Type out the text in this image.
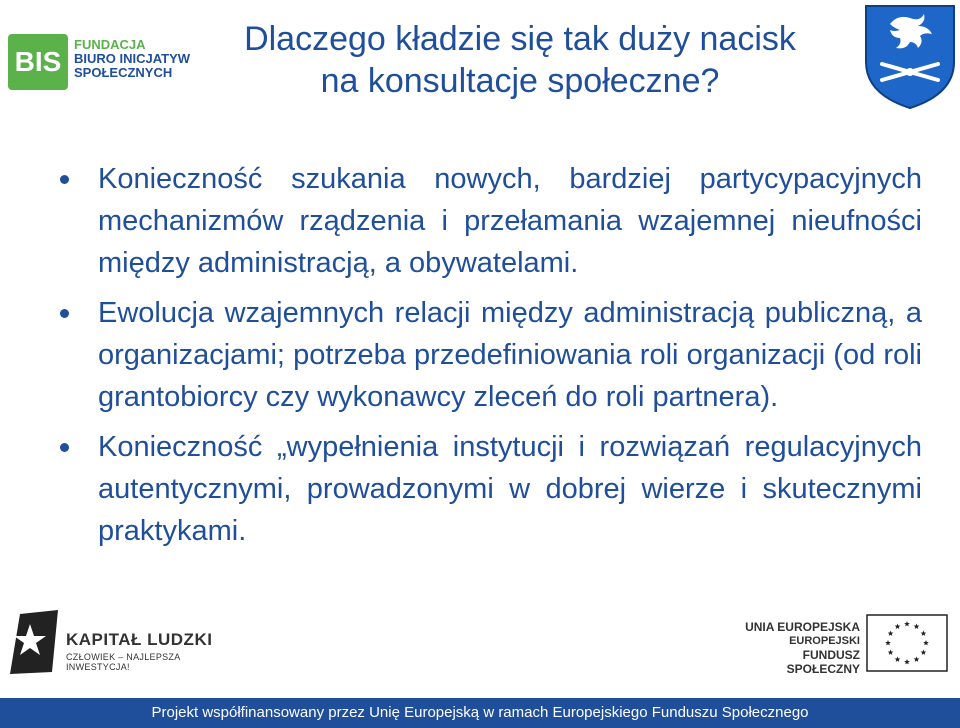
BIS
FUNDACJA
BIURO INICJATYW
SPOŁECZNYCH
Dlaczego kładzie się tak duży nacisk
na konsultacje społeczne?
Konieczność szukania nowych, bardziej partycypacyjnych mechanizmów rządzenia i przełamania wzajemnej nieufności między administracją, a obywatelami.
Ewolucja wzajemnych relacji między administracją publiczną, a organizacjami; potrzeba przedefiniowania roli organizacji (od roli grantobiorcy czy wykonawcy zleceń do roli partnera).
Konieczność „wypełnienia instytucji i rozwiązań regulacyjnych autentycznymi, prowadzonymi w dobrej wierze i skutecznymi praktykami.
KAPITAŁ LUDZKI
CZŁOWIEK – NAJLEPSZA INWESTYCJA!
UNIA EUROPEJSKA
EUROPEJSKI
FUNDUSZ SPOŁECZNY
Projekt współfinansowany przez Unię Europejską w ramach Europejskiego Funduszu Społecznego
